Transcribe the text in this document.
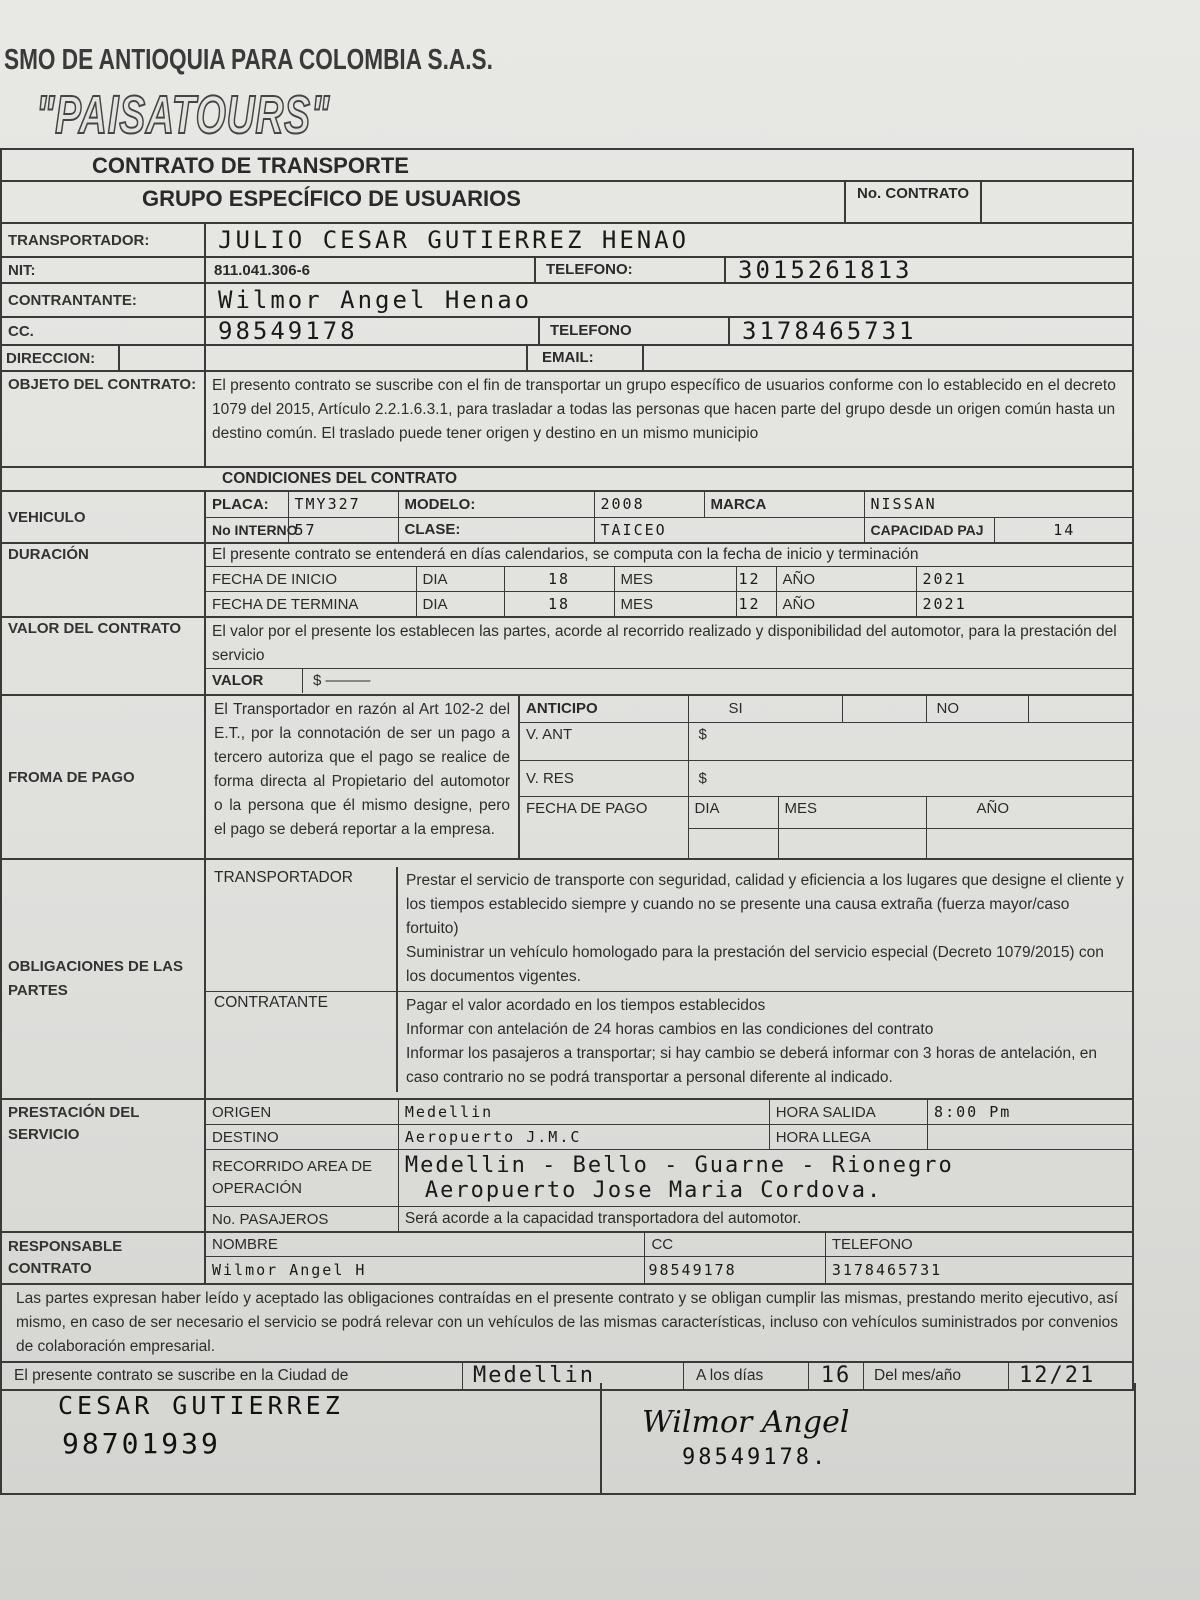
SMO DE ANTIOQUIA PARA COLOMBIA S.A.S.
"PAISATOURS"
CONTRATO DE TRANSPORTE

GRUPO ESPECÍFICO DE USUARIOS	No. CONTRATO

TRANSPORTADOR:	JULIO CESAR GUTIERREZ HENAO
NIT:	811.041.306-6	TELEFONO:	3015261813

CONTRANTANTE:	Wilmor Angel Henao
CC.	98549178	TELEFONO	3178465731

DIRECCION:	EMAIL:

OBJETO DEL CONTRATO:	El presento contrato se suscribe con el fin de transportar un grupo específico de usuarios conforme con lo establecido en el decreto 1079 del 2015, Artículo 2.2.1.6.3.1, para trasladar a todas las personas que hacen parte del grupo desde un origen común hasta un destino común. El traslado puede tener origen y destino en un mismo municipio
CONDICIONES DEL CONTRATO
VEHICULO	
PLACA:	TMY327	MODELO:	2008	MARCA	NISSAN
No INTERNO	57	CLASE:	TAICEO	CAPACIDAD PAJ	14

DURACIÓN	El presente contrato se entenderá en días calendarios, se computa con la fecha de inicio y terminación
FECHA DE INICIO	DIA	18	MES	12	AÑO	2021
FECHA DE TERMINA	DIA	18	MES	12	AÑO	2021

VALOR DEL CONTRATO	El valor por el presente los establecen las partes, acorde al recorrido realizado y disponibilidad del automotor, para la prestación del servicio
VALOR	$ ———

FROMA DE PAGO	
El Transportador en razón al Art 102-2 del E.T., por la connotación de ser un pago a tercero autoriza que el pago se realice de forma directa al Propietario del automotor o la persona que él mismo designe, pero el pago se deberá reportar a la empresa.
ANTICIPO	SI		NO	
V. ANT	$
V. RES	$
FECHA DE PAGO	DIA	MES	AÑO

OBLIGACIONES DE LAS PARTES	
TRANSPORTADOR	Prestar el servicio de transporte con seguridad, calidad y eficiencia a los lugares que designe el cliente y los tiempos establecido siempre y cuando no se presente una causa extraña (fuerza mayor/caso fortuito)
Suministrar un vehículo homologado para la prestación del servicio especial (Decreto 1079/2015) con los documentos vigentes.
CONTRATANTE	Pagar el valor acordado en los tiempos establecidos
Informar con antelación de 24 horas cambios en las condiciones del contrato
Informar los pasajeros a transportar; si hay cambio se deberá informar con 3 horas de antelación, en caso contrario no se podrá transportar a personal diferente al indicado.

PRESTACIÓN DEL SERVICIO	
ORIGEN	Medellin	HORA SALIDA	8:00 Pm
DESTINO	Aeropuerto J.M.C	HORA LLEGA	
RECORRIDO AREA DE OPERACIÓN	
Medellin - Bello - Guarne - Rionegro
Aeropuerto Jose Maria Cordova.

No. PASAJEROS	Será acorde a la capacidad transportadora del automotor.

RESPONSABLE CONTRATO	
NOMBRE	CC	TELEFONO
Wilmor Angel H	98549178	3178465731

Las partes expresan haber leído y aceptado las obligaciones contraídas en el presente contrato y se obligan cumplir las mismas, prestando merito ejecutivo, así mismo, en caso de ser necesario el servicio se podrá relevar con un vehículos de las mismas características, incluso con vehículos suministrados por convenios de colaboración empresarial.

El presente contrato se suscribe en la Ciudad de	Medellin	A los días	16	Del mes/año	12/21
CESAR GUTIERREZ
98701939
Wilmor Angel
98549178.
